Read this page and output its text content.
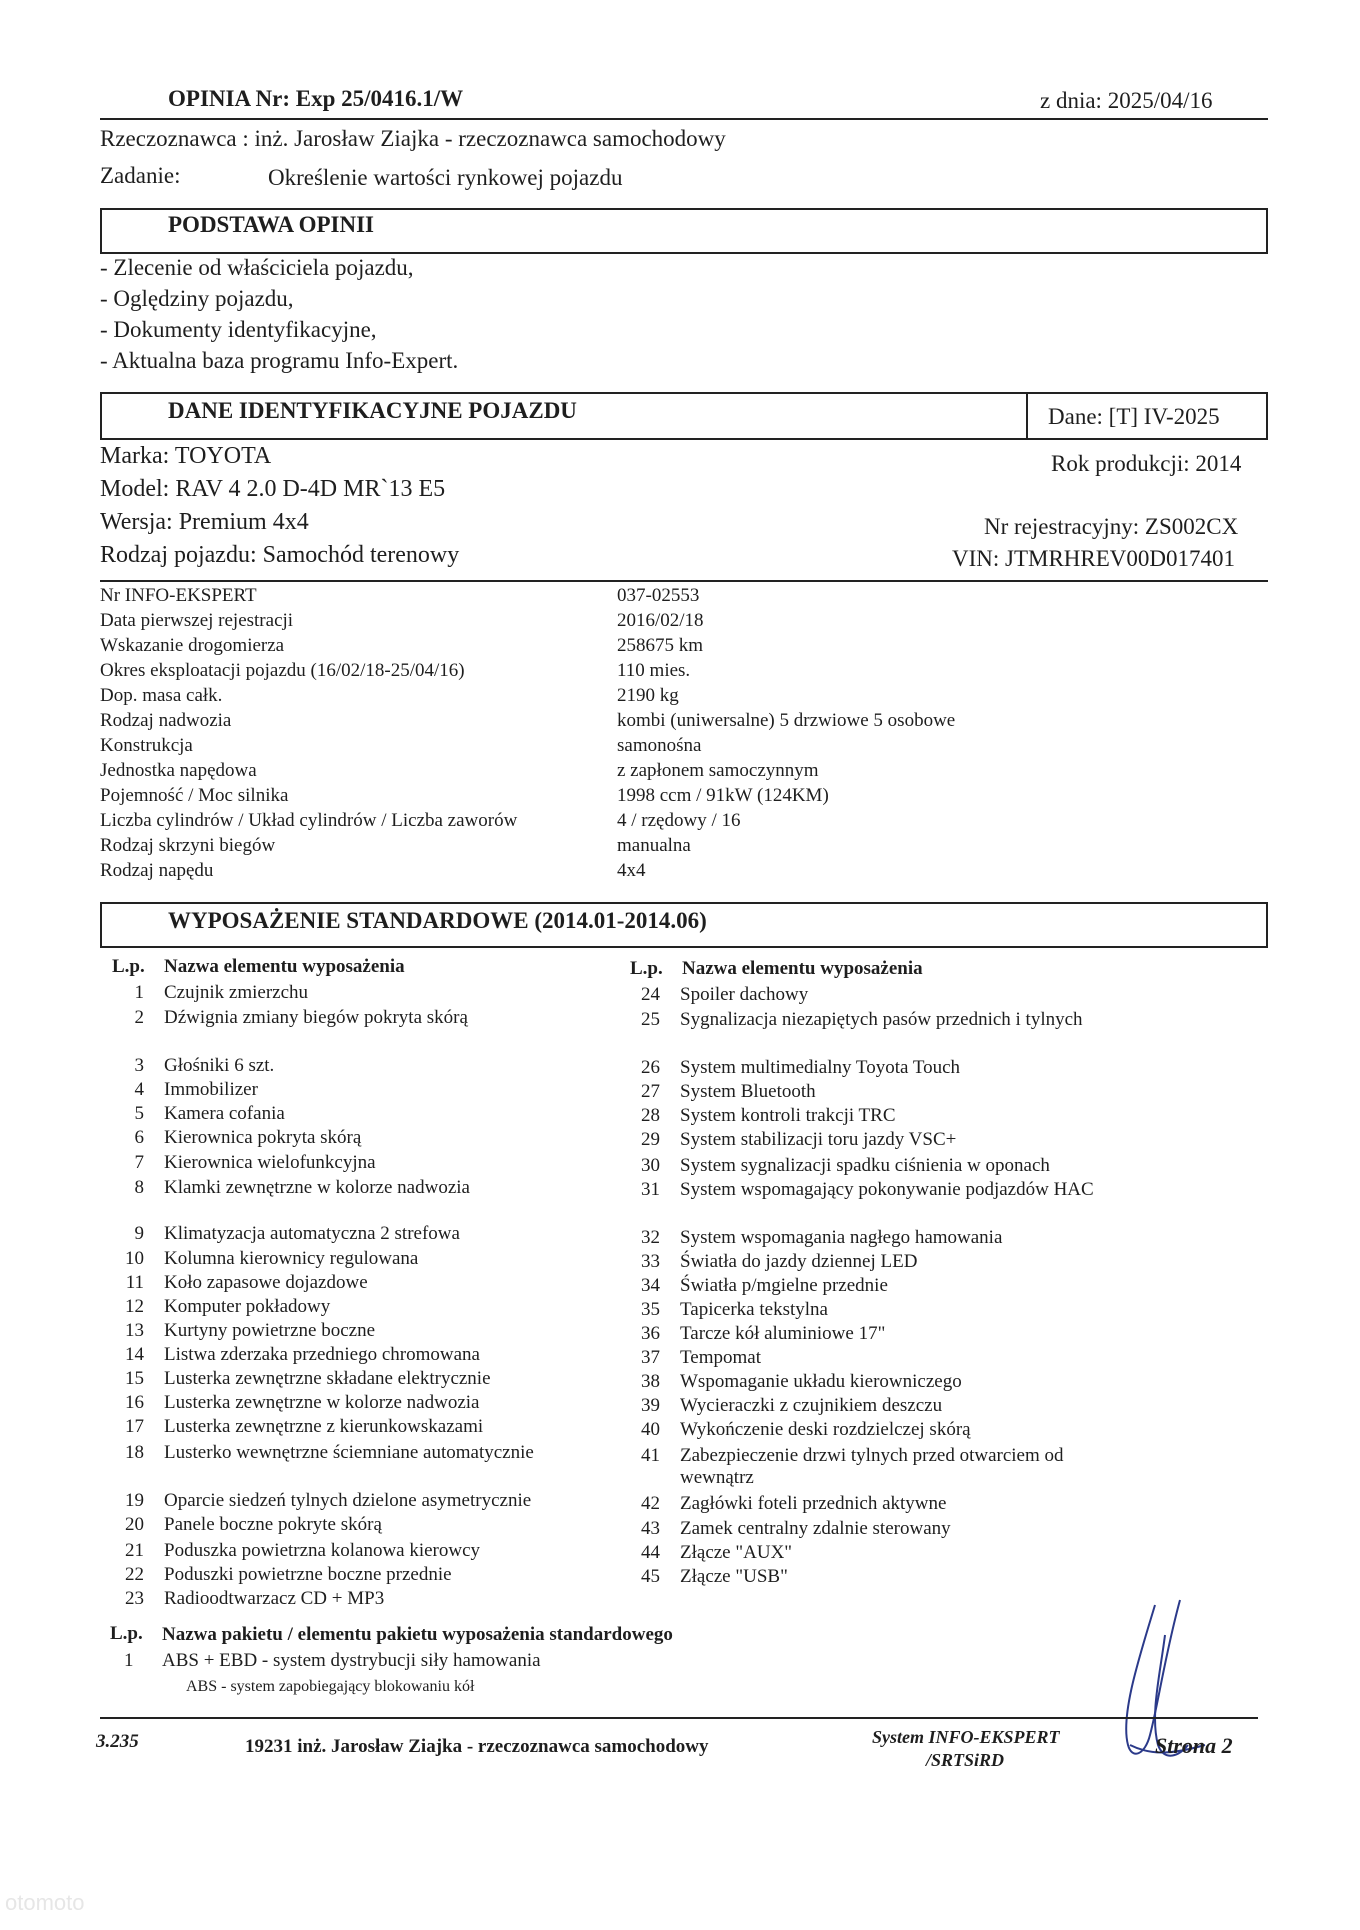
OPINIA Nr: Exp 25/0416.1/W	z dnia: 2025/04/16
Rzeczoznawca : inż. Jarosław Ziajka - rzeczoznawca samochodowy
Zadanie:	Określenie wartości rynkowej pojazdu
PODSTAWA OPINII
- Zlecenie od właściciela pojazdu,
- Oględziny pojazdu,
- Dokumenty identyfikacyjne,
- Aktualna baza programu Info-Expert.
DANE IDENTYFIKACYJNE POJAZDU	Dane: [T] IV-2025
Marka: TOYOTA	Rok produkcji: 2014
Model: RAV 4 2.0 D-4D MR`13 E5
Wersja: Premium 4x4	Nr rejestracyjny: ZS002CX
Rodzaj pojazdu: Samochód terenowy	VIN: JTMRHREV00D017401
Nr INFO-EKSPERT	037-02553
Data pierwszej rejestracji	2016/02/18
Wskazanie drogomierza	258675 km
Okres eksploatacji pojazdu (16/02/18-25/04/16)	110 mies.
Dop. masa całk.	2190 kg
Rodzaj nadwozia	kombi (uniwersalne) 5 drzwiowe 5 osobowe
Konstrukcja	samonośna
Jednostka napędowa	z zapłonem samoczynnym
Pojemność / Moc silnika	1998 ccm / 91kW (124KM)
Liczba cylindrów / Układ cylindrów / Liczba zaworów	4 / rzędowy / 16
Rodzaj skrzyni biegów	manualna
Rodzaj napędu	4x4
WYPOSAŻENIE STANDARDOWE (2014.01-2014.06)
L.p. Nazwa elementu wyposażenia	L.p. Nazwa elementu wyposażenia
1	Czujnik zmierzchu
2	Dźwignia zmiany biegów pokryta skórą
3	Głośniki 6 szt.
4	Immobilizer
5	Kamera cofania
6	Kierownica pokryta skórą
7	Kierownica wielofunkcyjna
8	Klamki zewnętrzne w kolorze nadwozia
9	Klimatyzacja automatyczna 2 strefowa
10	Kolumna kierownicy regulowana
11	Koło zapasowe dojazdowe
12	Komputer pokładowy
13	Kurtyny powietrzne boczne
14	Listwa zderzaka przedniego chromowana
15	Lusterka zewnętrzne składane elektrycznie
16	Lusterka zewnętrzne w kolorze nadwozia
17	Lusterka zewnętrzne z kierunkowskazami
18	Lusterko wewnętrzne ściemniane automatycznie
19	Oparcie siedzeń tylnych dzielone asymetrycznie
20	Panele boczne pokryte skórą
21	Poduszka powietrzna kolanowa kierowcy
22	Poduszki powietrzne boczne przednie
23	Radioodtwarzacz CD + MP3
24	Spoiler dachowy
25	Sygnalizacja niezapiętych pasów przednich i tylnych
26	System multimedialny Toyota Touch
27	System Bluetooth
28	System kontroli trakcji TRC
29	System stabilizacji toru jazdy VSC+
30	System sygnalizacji spadku ciśnienia w oponach
31	System wspomagający pokonywanie podjazdów HAC
32	System wspomagania nagłego hamowania
33	Światła do jazdy dziennej LED
34	Światła p/mgielne przednie
35	Tapicerka tekstylna
36	Tarcze kół aluminiowe 17"
37	Tempomat
38	Wspomaganie układu kierowniczego
39	Wycieraczki z czujnikiem deszczu
40	Wykończenie deski rozdzielczej skórą
41	Zabezpieczenie drzwi tylnych przed otwarciem od wewnątrz
42	Zagłówki foteli przednich aktywne
43	Zamek centralny zdalnie sterowany
44	Złącze "AUX"
45	Złącze "USB"
L.p. Nazwa pakietu / elementu pakietu wyposażenia standardowego
1 ABS + EBD - system dystrybucji siły hamowania
ABS - system zapobiegający blokowaniu kół
3.235	19231 inż. Jarosław Ziajka - rzeczoznawca samochodowy	System INFO-EKSPERT
/SRTSiRD
Strona 2
otomoto
